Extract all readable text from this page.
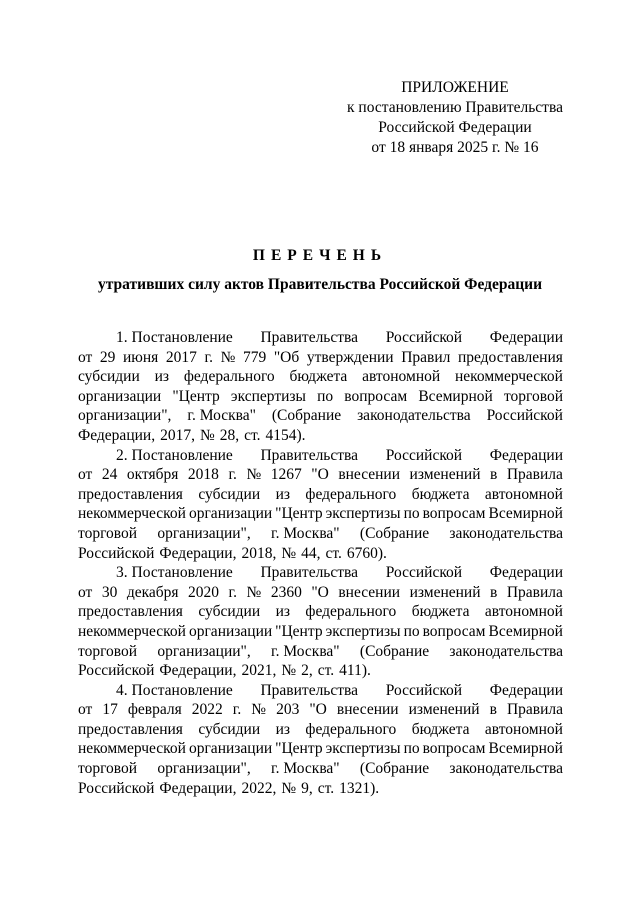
ПРИЛОЖЕНИЕ
к постановлению Правительства
Российской Федерации
от 18 января 2025 г. № 16
ПЕРЕЧЕНЬ
утративших силу актов Правительства Российской Федерации
1. Постановление Правительства Российской Федерации
от 29 июня 2017 г. № 779 "Об утверждении Правил предоставления
субсидии из федерального бюджета автономной некоммерческой
организации "Центр экспертизы по вопросам Всемирной торговой
организации", г. Москва" (Собрание законодательства Российской
Федерации, 2017, № 28, ст. 4154).
2. Постановление Правительства Российской Федерации
от 24 октября 2018 г. № 1267 "О внесении изменений в Правила
предоставления субсидии из федерального бюджета автономной
некоммерческой организации "Центр экспертизы по вопросам Всемирной
торговой организации", г. Москва" (Собрание законодательства
Российской Федерации, 2018, № 44, ст. 6760).
3. Постановление Правительства Российской Федерации
от 30 декабря 2020 г. № 2360 "О внесении изменений в Правила
предоставления субсидии из федерального бюджета автономной
некоммерческой организации "Центр экспертизы по вопросам Всемирной
торговой организации", г. Москва" (Собрание законодательства
Российской Федерации, 2021, № 2, ст. 411).
4. Постановление Правительства Российской Федерации
от 17 февраля 2022 г. № 203 "О внесении изменений в Правила
предоставления субсидии из федерального бюджета автономной
некоммерческой организации "Центр экспертизы по вопросам Всемирной
торговой организации", г. Москва" (Собрание законодательства
Российской Федерации, 2022, № 9, ст. 1321).
